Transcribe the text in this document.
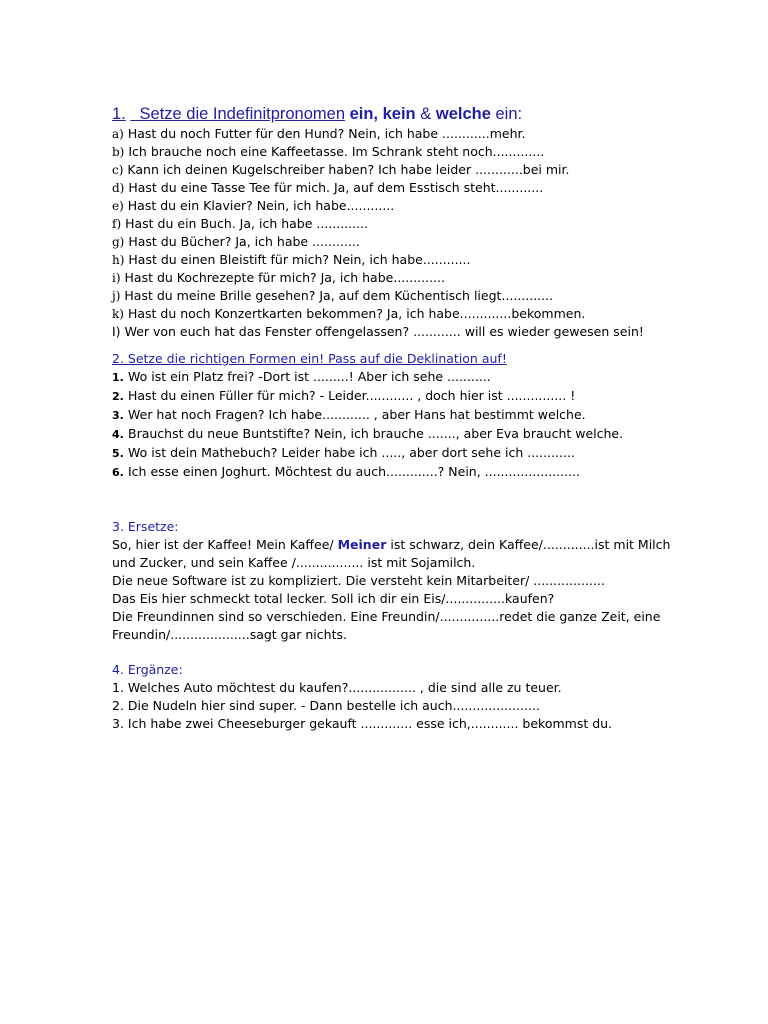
1. Setze die Indefinitpronomen ein, kein & welche ein:
a) Hast du noch Futter für den Hund? Nein, ich habe ............mehr.
b) Ich brauche noch eine Kaffeetasse. Im Schrank steht noch.............
c) Kann ich deinen Kugelschreiber haben? Ich habe leider ............bei mir.
d) Hast du eine Tasse Tee für mich. Ja, auf dem Esstisch steht............
e) Hast du ein Klavier? Nein, ich habe............
f) Hast du ein Buch. Ja, ich habe .............
g) Hast du Bücher? Ja, ich habe ............
h) Hast du einen Bleistift für mich? Nein, ich habe............
i) Hast du Kochrezepte für mich? Ja, ich habe.............
j) Hast du meine Brille gesehen? Ja, auf dem Küchentisch liegt.............
k) Hast du noch Konzertkarten bekommen? Ja, ich habe.............bekommen.
I) Wer von euch hat das Fenster offengelassen? ............ will es wieder gewesen sein!
2. Setze die richtigen Formen ein! Pass auf die Deklination auf!
1. Wo ist ein Platz frei? -Dort ist .........! Aber ich sehe ...........
2. Hast du einen Füller für mich? - Leider............ , doch hier ist ............... !
3. Wer hat noch Fragen? Ich habe............ , aber Hans hat bestimmt welche.
4. Brauchst du neue Buntstifte? Nein, ich brauche ......., aber Eva braucht welche.
5. Wo ist dein Mathebuch? Leider habe ich ....., aber dort sehe ich ............
6. Ich esse einen Joghurt. Möchtest du auch.............? Nein, ........................
3. Ersetze:
So, hier ist der Kaffee! Mein Kaffee/ Meiner ist schwarz, dein Kaffee/.............ist mit Milch und Zucker, und sein Kaffee /................. ist mit Sojamilch.
Die neue Software ist zu kompliziert. Die versteht kein Mitarbeiter/ ..................
Das Eis hier schmeckt total lecker. Soll ich dir ein Eis/...............kaufen?
Die Freundinnen sind so verschieden. Eine Freundin/...............redet die ganze Zeit, eine Freundin/....................sagt gar nichts.
4. Ergänze:
1. Welches Auto möchtest du kaufen?................. , die sind alle zu teuer.
2. Die Nudeln hier sind super. - Dann bestelle ich auch......................
3. Ich habe zwei Cheeseburger gekauft ............. esse ich,............ bekommst du.
